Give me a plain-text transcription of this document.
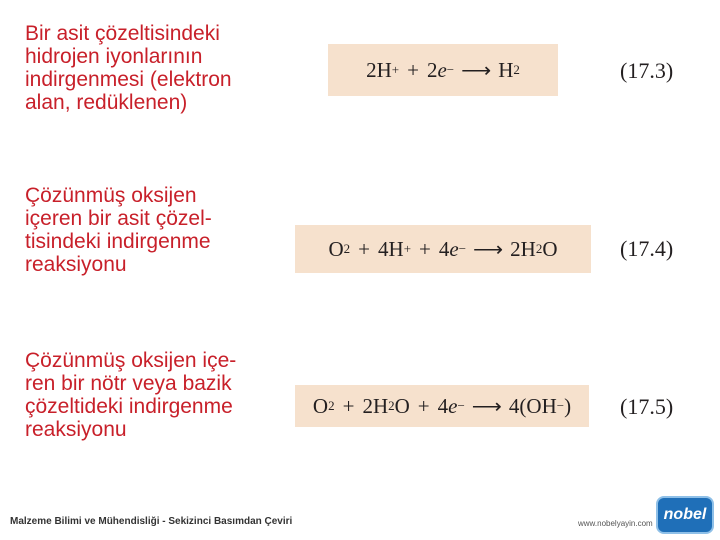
Bir asit çözeltisindeki
hidrojen iyonlarının
indirgenmesi (elektron
alan, redüklenen)
2H + + 2 e − ⟶ H 2	(17.3)
Çözünmüş oksijen
içeren bir asit çözel-
tisindeki indirgenme
reaksiyonu
O 2 + 4H + + 4 e − ⟶ 2H 2 O	(17.4)
Çözünmüş oksijen içe-
ren bir nötr veya bazik
çözeltideki indirgenme
reaksiyonu
O 2 + 2H 2 O + 4 e − ⟶ 4(OH − ) (17.5)
Malzeme Bilimi ve Mühendisliği - Sekizinci Basımdan Çeviri	www.nobelyayin.com
nobel
